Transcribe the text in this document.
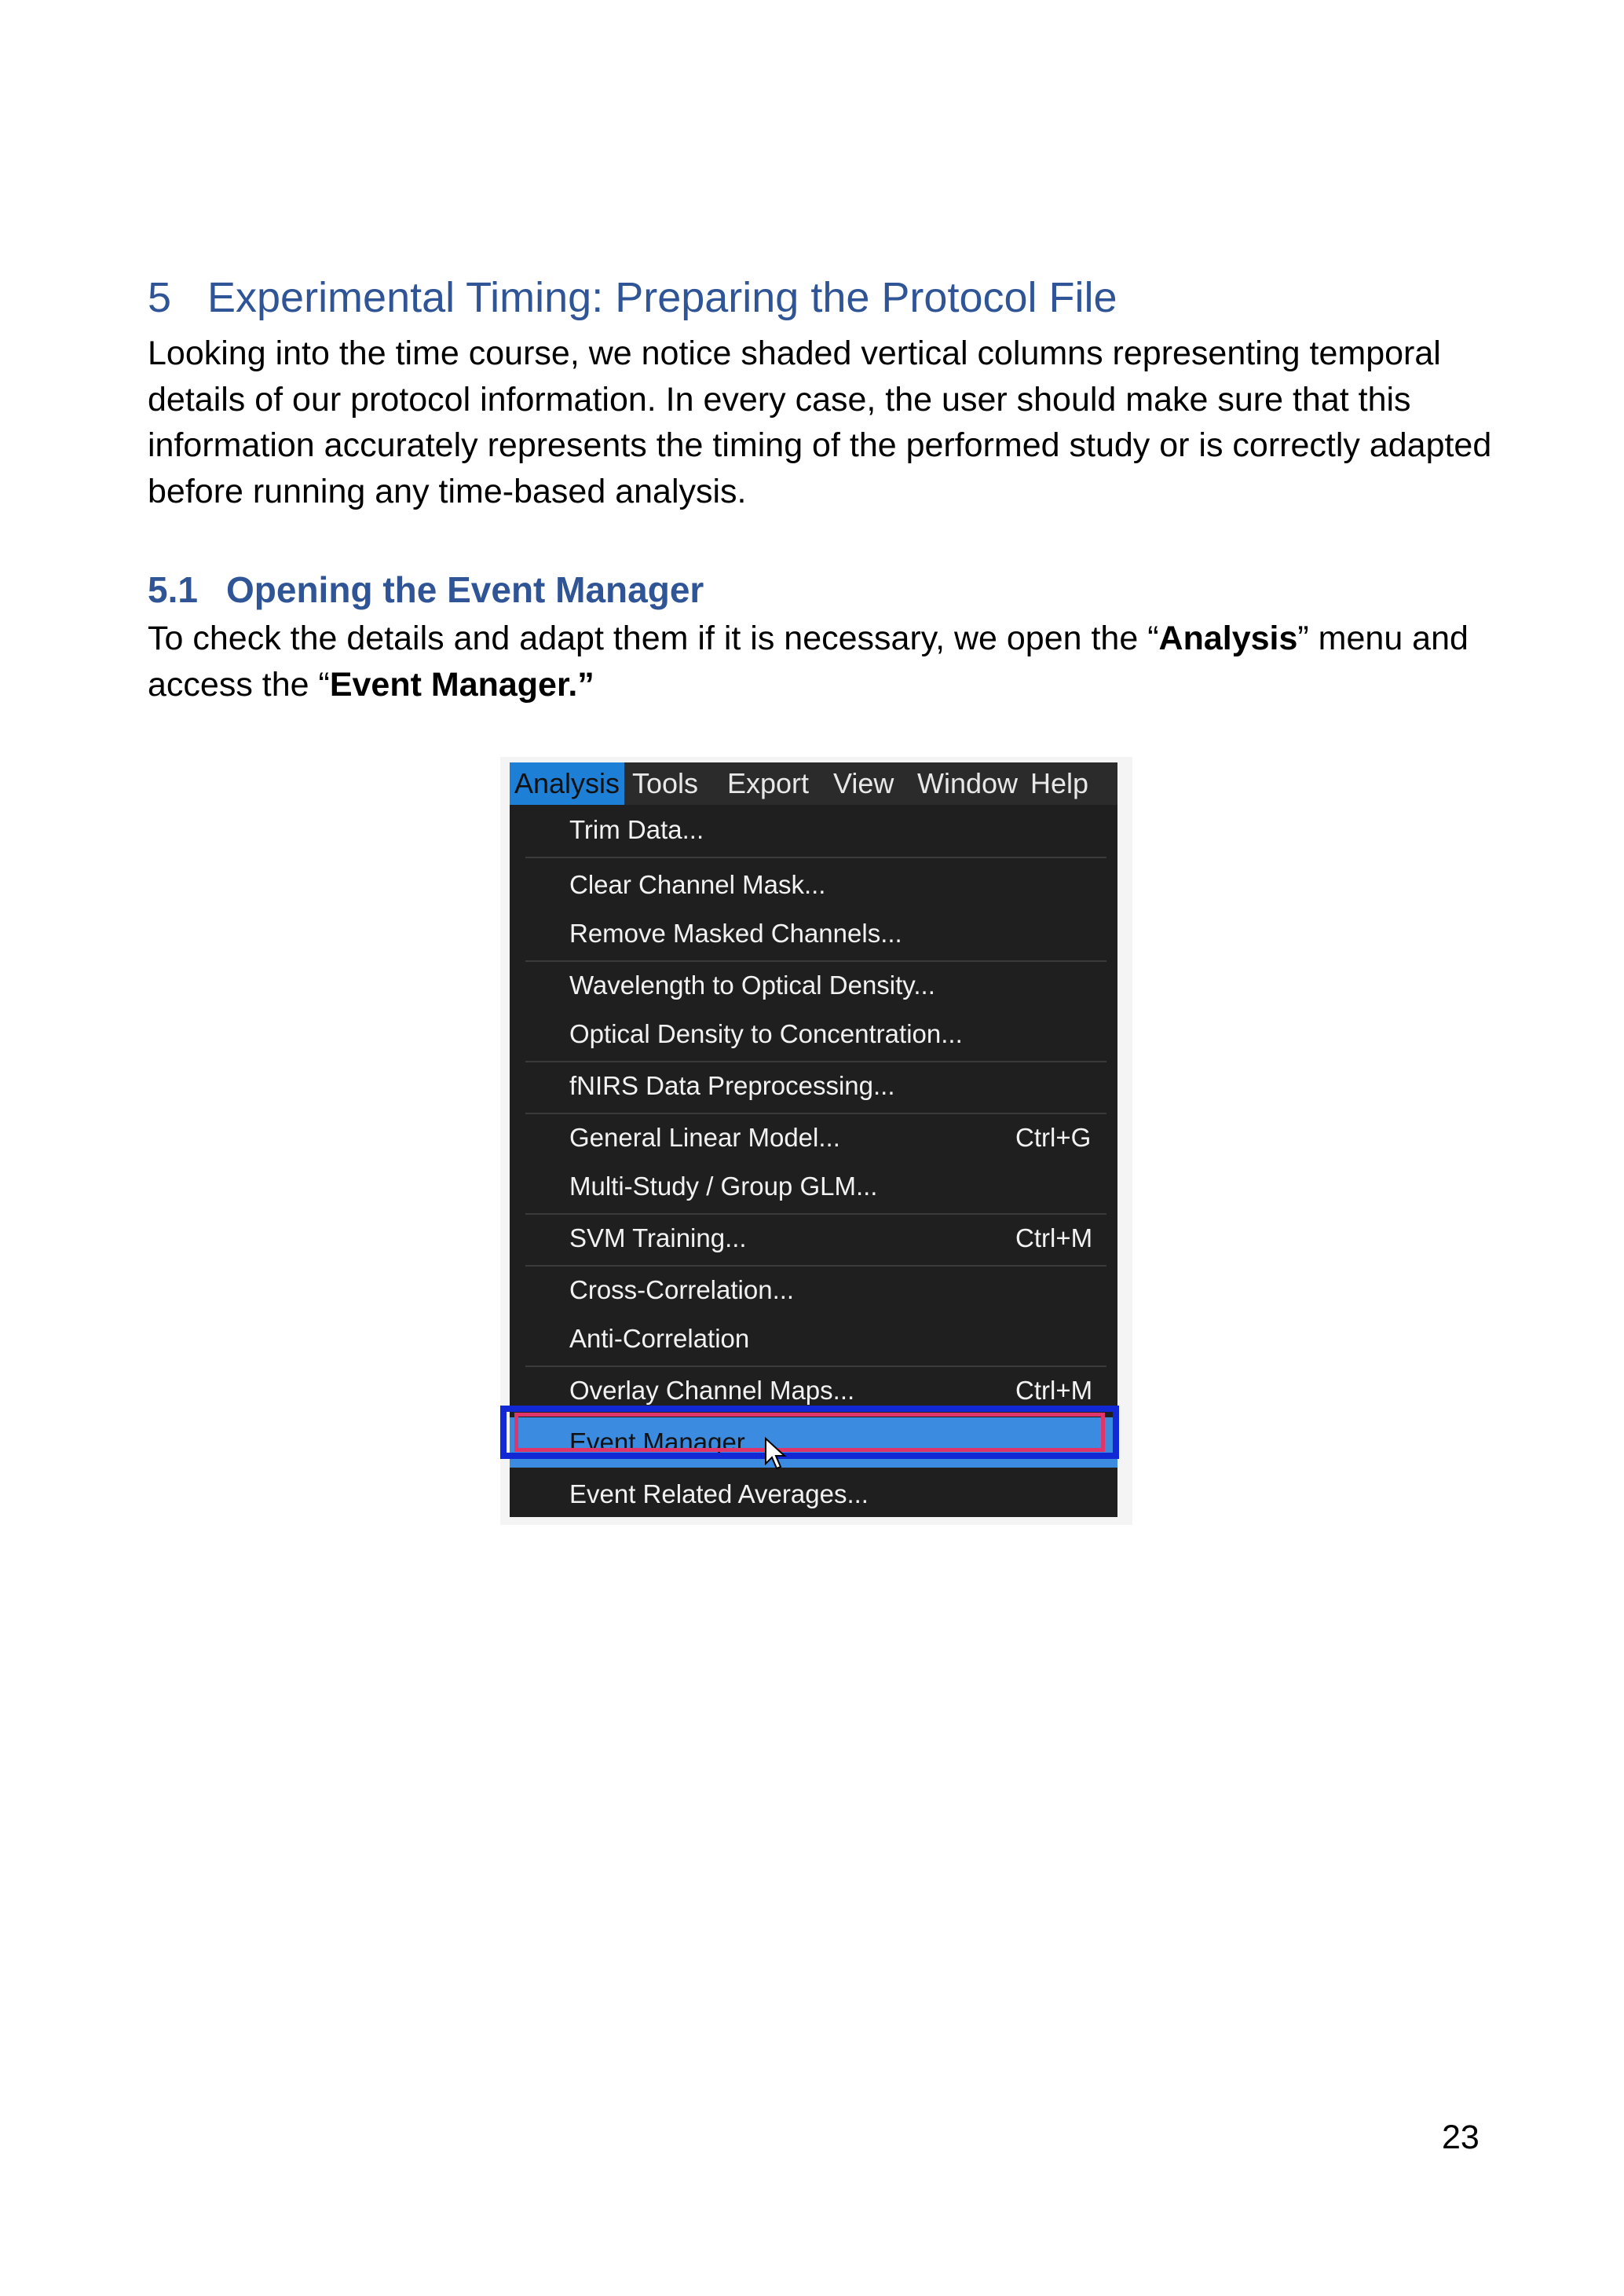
5 Experimental Timing: Preparing the Protocol File
Looking into the time course, we notice shaded vertical columns representing temporal details of our protocol information. In every case, the user should make sure that this information accurately represents the timing of the performed study or is correctly adapted before running any time-based analysis.
5.1 Opening the Event Manager
To check the details and adapt them if it is necessary, we open the “Analysis” menu and access the “Event Manager.”
Analysis Tools Export View Window Help
Trim Data...
Clear Channel Mask...
Remove Masked Channels...
Wavelength to Optical Density...
Optical Density to Concentration...
fNIRS Data Preprocessing...
General Linear Model...	Ctrl+G
Multi-Study / Group GLM...
SVM Training...	Ctrl+M
Cross-Correlation...
Anti-Correlation
Overlay Channel Maps...	Ctrl+M
Event Manager...
Event Related Averages...
23
